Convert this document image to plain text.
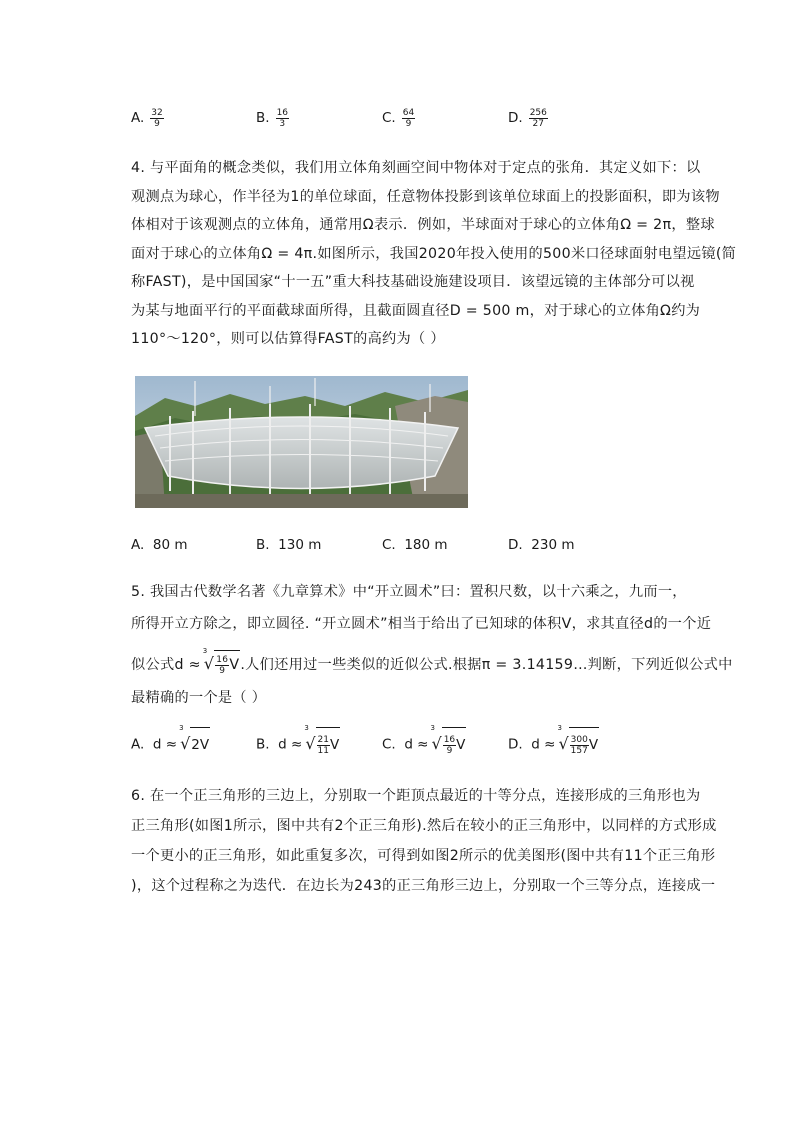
A. $\frac{32}{9}$	B. $\frac{16}{3}$	C. $\frac{64}{9}$	D. $\frac{256}{27}$

4. 与平面角的概念类似，我们用立体角刻画空间中物体对于定点的张角．其定义如下：以

观测点为球心，作半径为1的单位球面，任意物体投影到该单位球面上的投影面积，即为该物

体相对于该观测点的立体角，通常用Ω表示．例如，半球面对于球心的立体角Ω = 2π，整球

面对于球心的立体角Ω = 4π.如图所示，我国2020年投入使用的500米口径球面射电望远镜(简

称FAST)，是中国国家“十一五”重大科技基础设施建设项目．该望远镜的主体部分可以视

为某与地面平行的平面截球面所得，且截面圆直径D = 500 m，对于球心的立体角Ω约为

110°～120°，则可以估算得FAST的高约为（ ）

A. 80 m	B. 130 m	C. 180 m	D. 230 m

5. 我国古代数学名著《九章算术》中“开立圆术”曰：置积尺数，以十六乘之，九而一，

所得开立方除之，即立圆径. “开立圆术”相当于给出了已知球的体积V，求其直径d的一个近

似公式d ≈
3
√ $\frac{16}{9} V$.人们还用过一些类似的近似公式.根据π = 3.14159…判断，下列近似公式中

最精确的一个是（ ）

A. d ≈
3
√2V	B. d ≈
3
√ $\frac{21}{11}$ V	C. d ≈
3
√ $\frac{16}{9}$ V	D. d ≈
3
√ $\frac{300}{157}$ V

6. 在一个正三角形的三边上，分别取一个距顶点最近的十等分点，连接形成的三角形也为

正三角形(如图1所示，图中共有2个正三角形).然后在较小的正三角形中，以同样的方式形成

一个更小的正三角形，如此重复多次，可得到如图2所示的优美图形(图中共有11个正三角形

)，这个过程称之为迭代．在边长为243的正三角形三边上，分别取一个三等分点，连接成一
